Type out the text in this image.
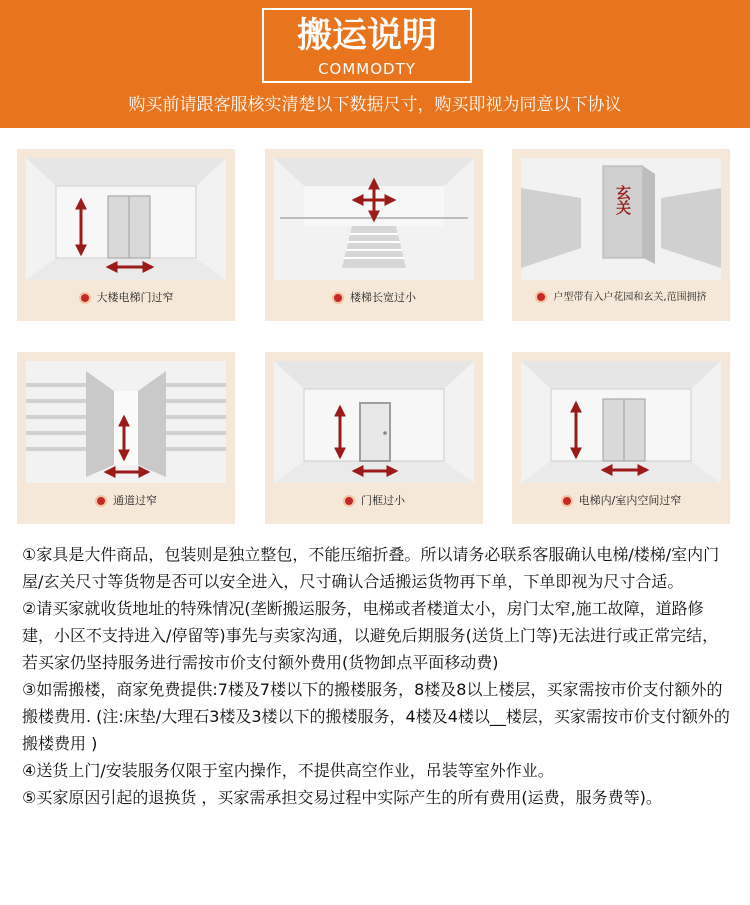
搬运说明
COMMODTY
购买前请跟客服核实清楚以下数据尺寸，购买即视为同意以下协议
大楼电梯门过窄	楼梯长宽过小
玄关
户型带有入户花园和玄关,范围拥挤
通道过窄	门框过小	电梯内/室内空间过窄

①家具是大件商品，包装则是独立整包，不能压缩折叠。所以请务必联系客服确认电梯/楼梯/室内门屋/玄关尺寸等货物是否可以安全进入，尺寸确认合适搬运货物再下单，下单即视为尺寸合适。

②请买家就收货地址的特殊情况(垄断搬运服务，电梯或者楼道太小，房门太窄,施工故障，道路修建，小区不支持进入/停留等)事先与卖家沟通，以避免后期服务(送货上门等)无法进行或正常完结，若买家仍坚持服务进行需按市价支付额外费用(货物卸点平面移动费)

③如需搬楼，商家免费提供:7楼及7楼以下的搬楼服务，8楼及8以上楼层，买家需按市价支付额外的搬楼费用. (注:床垫/大理石3楼及3楼以下的搬楼服务，4楼及4楼以__楼层，买家需按市价支付额外的搬楼费用 )

④送货上门/安装服务仅限于室内操作，不提供高空作业，吊装等室外作业。

⑤买家原因引起的退换货 ，买家需承担交易过程中实际产生的所有费用(运费，服务费等)。
